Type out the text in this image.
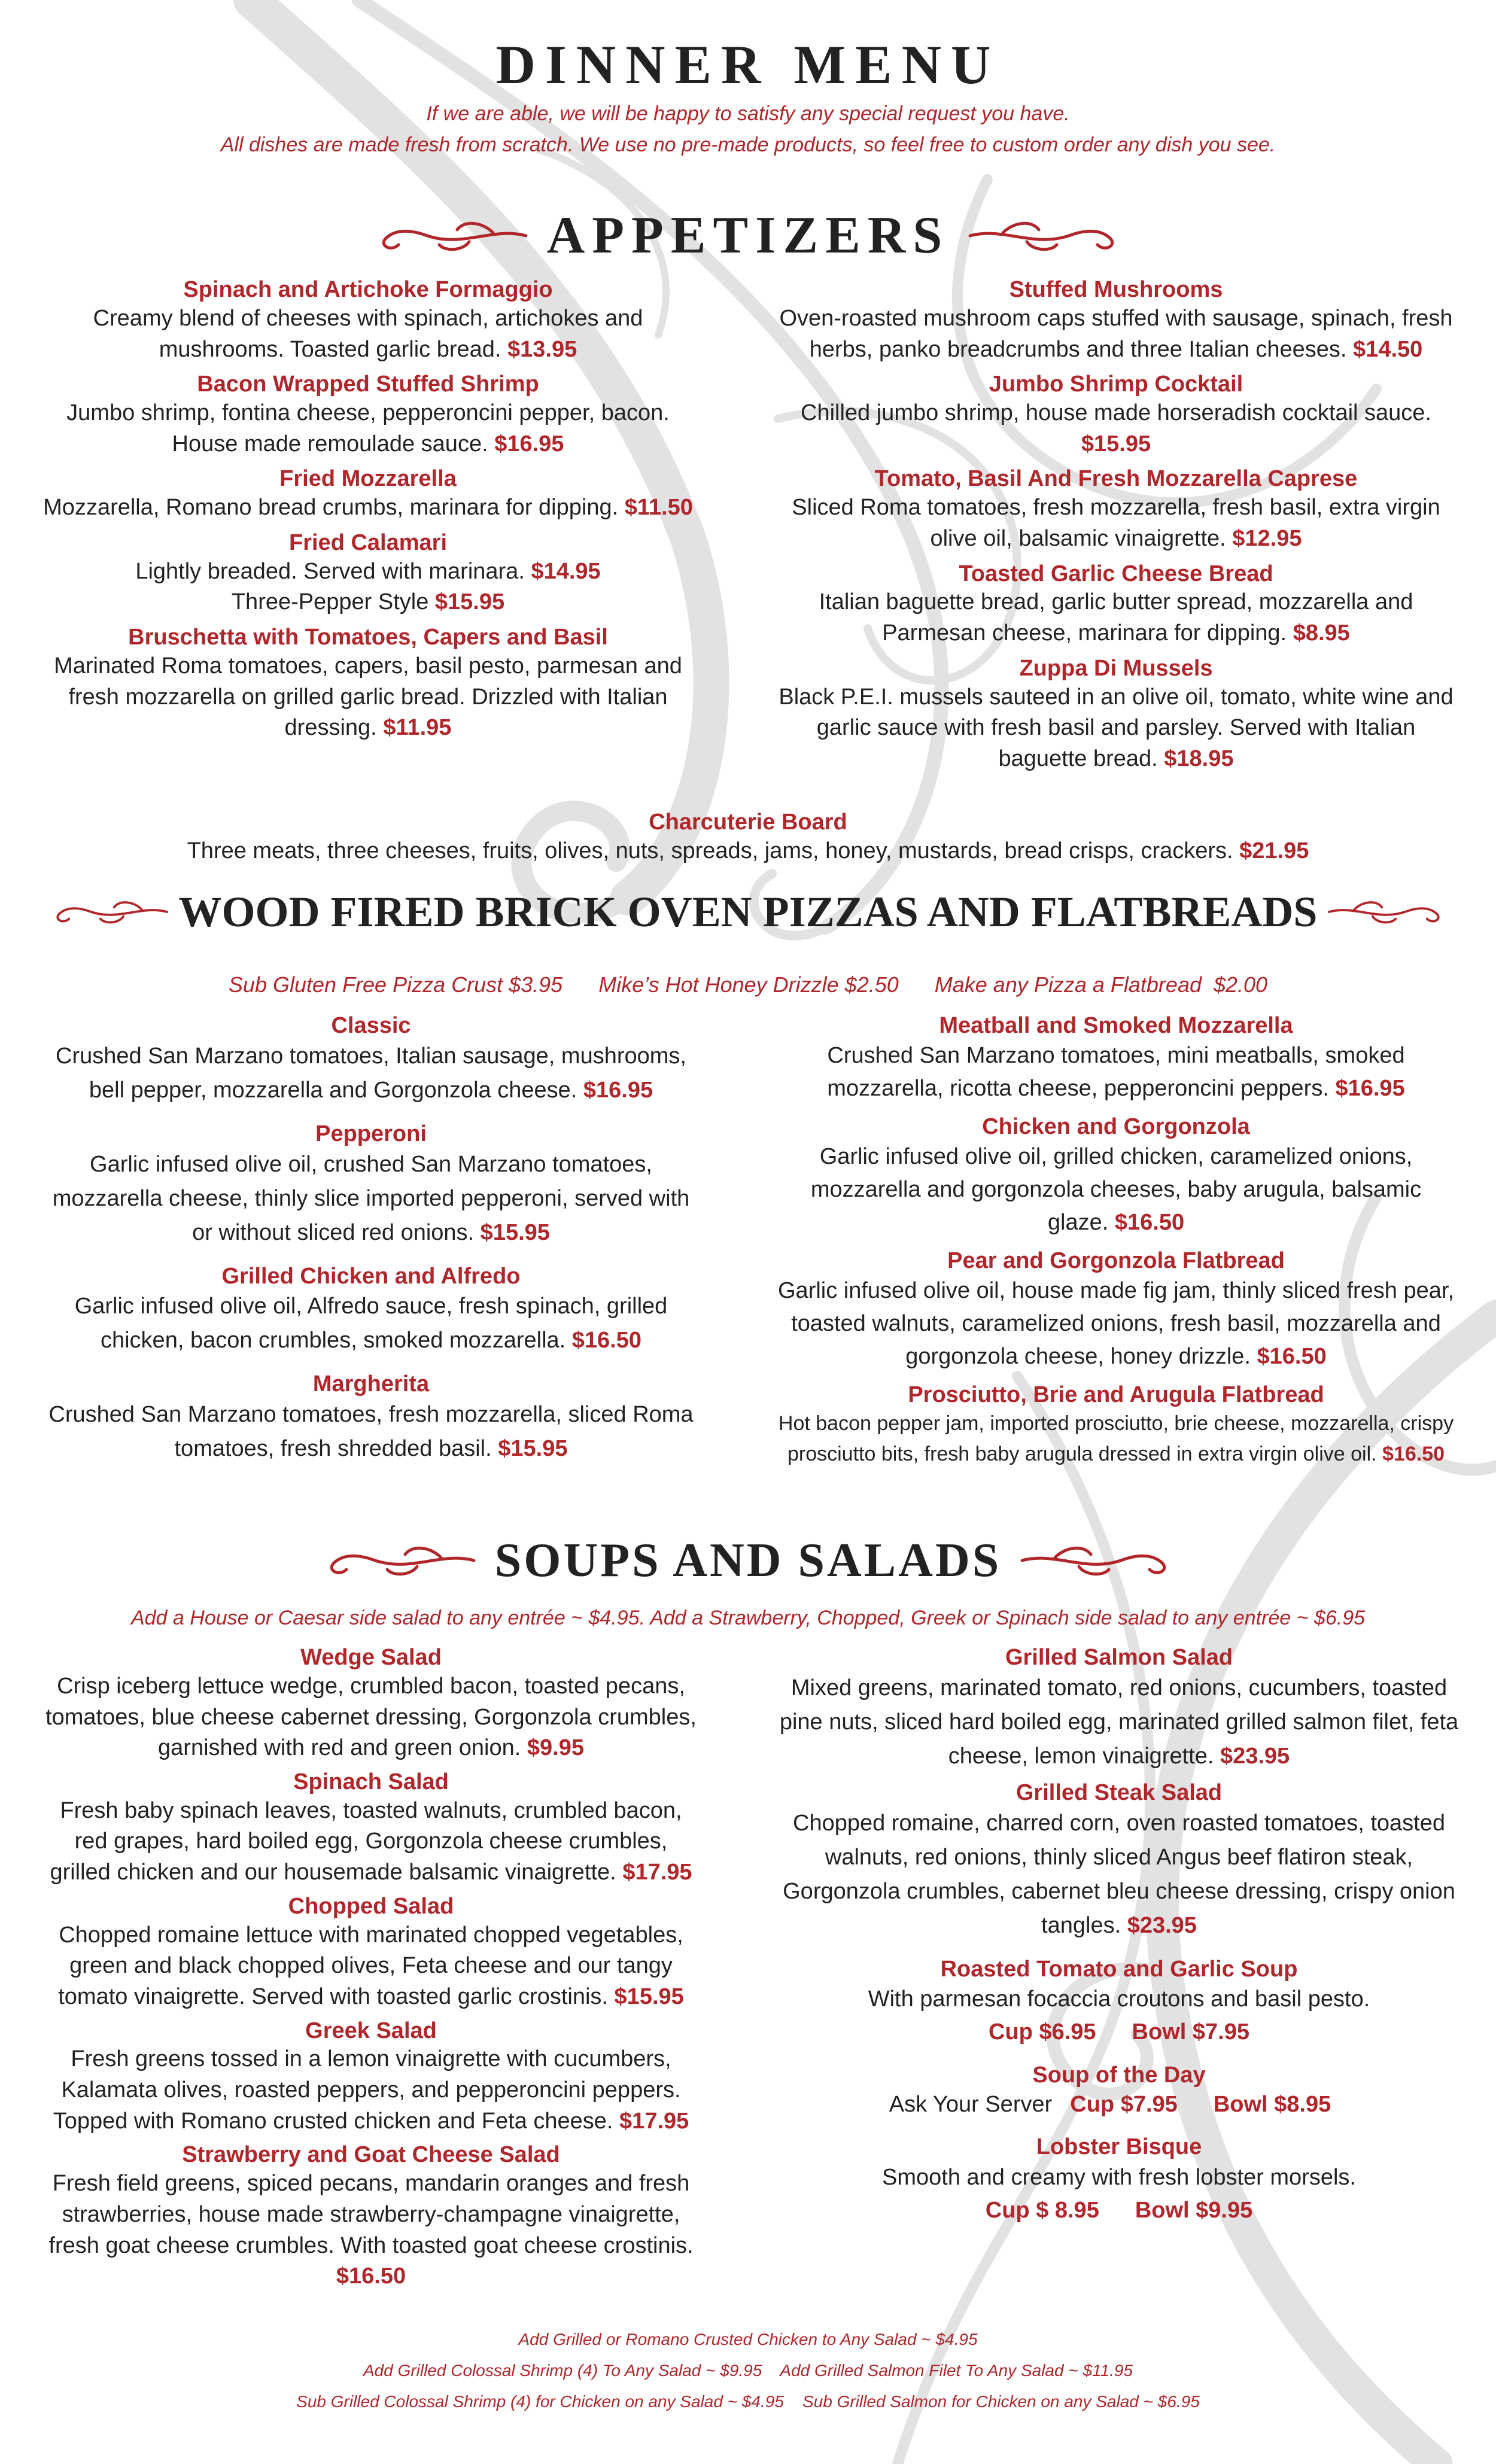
DINNER MENU
If we are able, we will be happy to satisfy any special request you have.
All dishes are made fresh from scratch. We use no pre-made products, so feel free to custom order any dish you see.
APPETIZERS
Spinach and Artichoke Formaggio
Creamy blend of cheeses with spinach, artichokes and mushrooms. Toasted garlic bread. $13.95
Bacon Wrapped Stuffed Shrimp
Jumbo shrimp, fontina cheese, pepperoncini pepper, bacon. House made remoulade sauce. $16.95
Fried Mozzarella
Mozzarella, Romano bread crumbs, marinara for dipping. $11.50
Fried Calamari
Lightly breaded. Served with marinara. $14.95
Three-Pepper Style $15.95
Bruschetta with Tomatoes, Capers and Basil
Marinated Roma tomatoes, capers, basil pesto, parmesan and fresh mozzarella on grilled garlic bread. Drizzled with Italian dressing. $11.95
Stuffed Mushrooms
Oven-roasted mushroom caps stuffed with sausage, spinach, fresh herbs, panko breadcrumbs and three Italian cheeses. $14.50
Jumbo Shrimp Cocktail
Chilled jumbo shrimp, house made horseradish cocktail sauce. $15.95
Tomato, Basil And Fresh Mozzarella Caprese
Sliced Roma tomatoes, fresh mozzarella, fresh basil, extra virgin olive oil, balsamic vinaigrette. $12.95
Toasted Garlic Cheese Bread
Italian baguette bread, garlic butter spread, mozzarella and Parmesan cheese, marinara for dipping. $8.95
Zuppa Di Mussels
Black P.E.I. mussels sauteed in an olive oil, tomato, white wine and garlic sauce with fresh basil and parsley. Served with Italian baguette bread. $18.95
Charcuterie Board
Three meats, three cheeses, fruits, olives, nuts, spreads, jams, honey, mustards, bread crisps, crackers. $21.95
WOOD FIRED BRICK OVEN PIZZAS AND FLATBREADS
Sub Gluten Free Pizza Crust $3.95      Mike’s Hot Honey Drizzle $2.50      Make any Pizza a Flatbread  $2.00
Classic
Crushed San Marzano tomatoes, Italian sausage, mushrooms, bell pepper, mozzarella and Gorgonzola cheese. $16.95
Pepperoni
Garlic infused olive oil, crushed San Marzano tomatoes, mozzarella cheese, thinly slice imported pepperoni, served with or without sliced red onions. $15.95
Grilled Chicken and Alfredo
Garlic infused olive oil, Alfredo sauce, fresh spinach, grilled chicken, bacon crumbles, smoked mozzarella. $16.50
Margherita
Crushed San Marzano tomatoes, fresh mozzarella, sliced Roma tomatoes, fresh shredded basil. $15.95
Meatball and Smoked Mozzarella
Crushed San Marzano tomatoes, mini meatballs, smoked mozzarella, ricotta cheese, pepperoncini peppers. $16.95
Chicken and Gorgonzola
Garlic infused olive oil, grilled chicken, caramelized onions, mozzarella and gorgonzola cheeses, baby arugula, balsamic glaze. $16.50
Pear and Gorgonzola Flatbread
Garlic infused olive oil, house made fig jam, thinly sliced fresh pear, toasted walnuts, caramelized onions, fresh basil, mozzarella and gorgonzola cheese, honey drizzle. $16.50
Prosciutto, Brie and Arugula Flatbread
Hot bacon pepper jam, imported prosciutto, brie cheese, mozzarella, crispy prosciutto bits, fresh baby arugula dressed in extra virgin olive oil. $16.50
SOUPS AND SALADS
Add a House or Caesar side salad to any entrée ~ $4.95. Add a Strawberry, Chopped, Greek or Spinach side salad to any entrée ~ $6.95
Wedge Salad
Crisp iceberg lettuce wedge, crumbled bacon, toasted pecans, tomatoes, blue cheese cabernet dressing, Gorgonzola crumbles, garnished with red and green onion. $9.95
Spinach Salad
Fresh baby spinach leaves, toasted walnuts, crumbled bacon, red grapes, hard boiled egg, Gorgonzola cheese crumbles, grilled chicken and our housemade balsamic vinaigrette. $17.95
Chopped Salad
Chopped romaine lettuce with marinated chopped vegetables, green and black chopped olives, Feta cheese and our tangy tomato vinaigrette. Served with toasted garlic crostinis. $15.95
Greek Salad
Fresh greens tossed in a lemon vinaigrette with cucumbers, Kalamata olives, roasted peppers, and pepperoncini peppers. Topped with Romano crusted chicken and Feta cheese. $17.95
Strawberry and Goat Cheese Salad
Fresh field greens, spiced pecans, mandarin oranges and fresh strawberries, house made strawberry-champagne vinaigrette, fresh goat cheese crumbles. With toasted goat cheese crostinis. $16.50
Grilled Salmon Salad
Mixed greens, marinated tomato, red onions, cucumbers, toasted pine nuts, sliced hard boiled egg, marinated grilled salmon filet, feta cheese, lemon vinaigrette. $23.95
Grilled Steak Salad
Chopped romaine, charred corn, oven roasted tomatoes, toasted walnuts, red onions, thinly sliced Angus beef flatiron steak, Gorgonzola crumbles, cabernet bleu cheese dressing, crispy onion tangles. $23.95
Roasted Tomato and Garlic Soup
With parmesan focaccia croutons and basil pesto.
Cup $6.95 Bowl $7.95
Soup of the Day
Ask Your Server Cup $7.95 Bowl $8.95
Lobster Bisque
Smooth and creamy with fresh lobster morsels.
Cup $ 8.95 Bowl $9.95
Add Grilled or Romano Crusted Chicken to Any Salad ~ $4.95
Add Grilled Colossal Shrimp (4) To Any Salad ~ $9.95    Add Grilled Salmon Filet To Any Salad ~ $11.95
Sub Grilled Colossal Shrimp (4) for Chicken on any Salad ~ $4.95    Sub Grilled Salmon for Chicken on any Salad ~ $6.95
